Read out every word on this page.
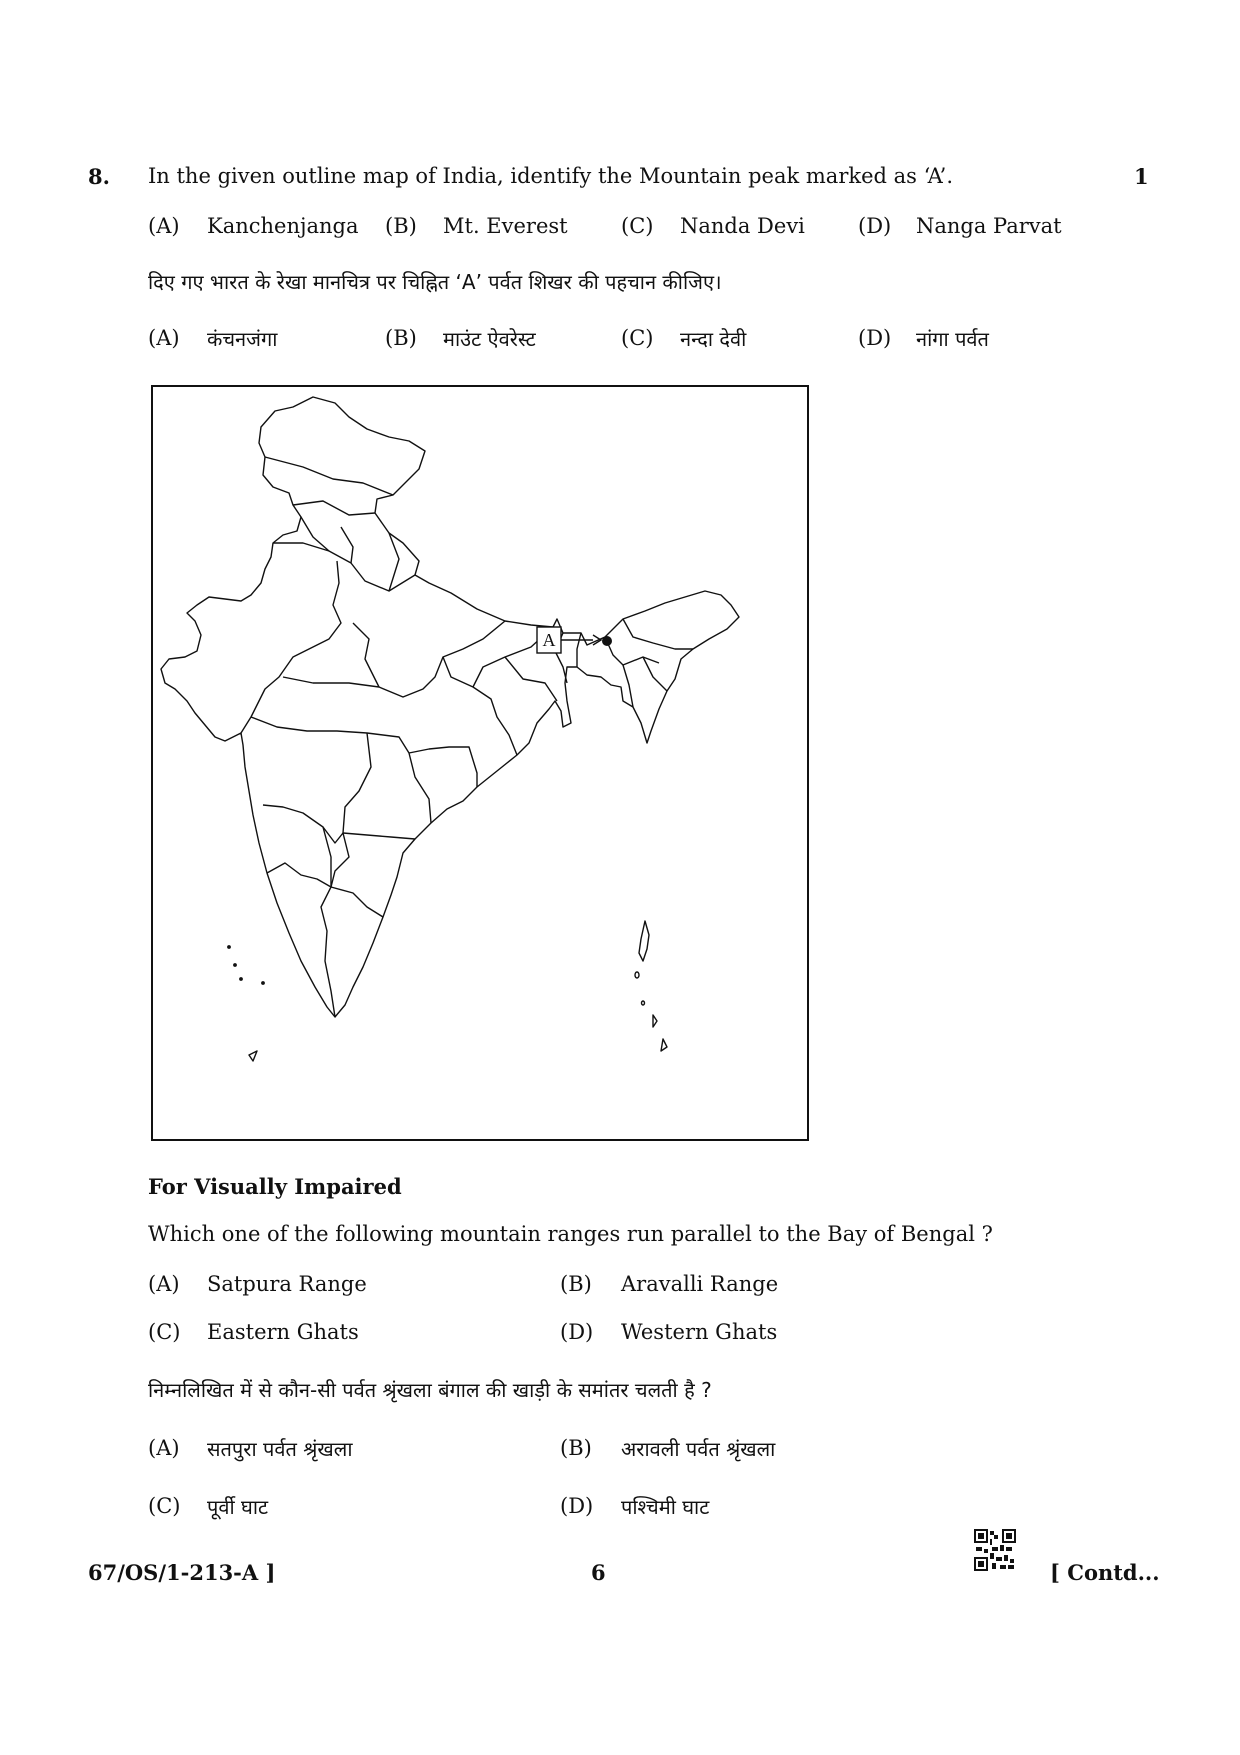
8. In the given outline map of India, identify the Mountain peak marked as ‘A’.	1
(A) Kanchenjanga (B) Mt. Everest	(C) Nanda Devi	(D) Nanga Parvat
दिए गए भारत के रेखा मानचित्र पर चिह्नित ‘A’ पर्वत शिखर की पहचान कीजिए।
(A) कंचनजंगा	(B) माउंट ऐवरेस्ट	(C) नन्दा देवी	(D) नांगा पर्वत
A
For Visually Impaired
Which one of the following mountain ranges run parallel to the Bay of Bengal ?
(A) Satpura Range	(B) Aravalli Range
(C) Eastern Ghats	(D) Western Ghats
निम्नलिखित में से कौन-सी पर्वत श्रृंखला बंगाल की खाड़ी के समांतर चलती है ?
(A) सतपुरा पर्वत श्रृंखला	(B) अरावली पर्वत श्रृंखला
(C) पूर्वी घाट	(D) पश्चिमी घाट
67/OS/1-213-A ]	6	[ Contd...
